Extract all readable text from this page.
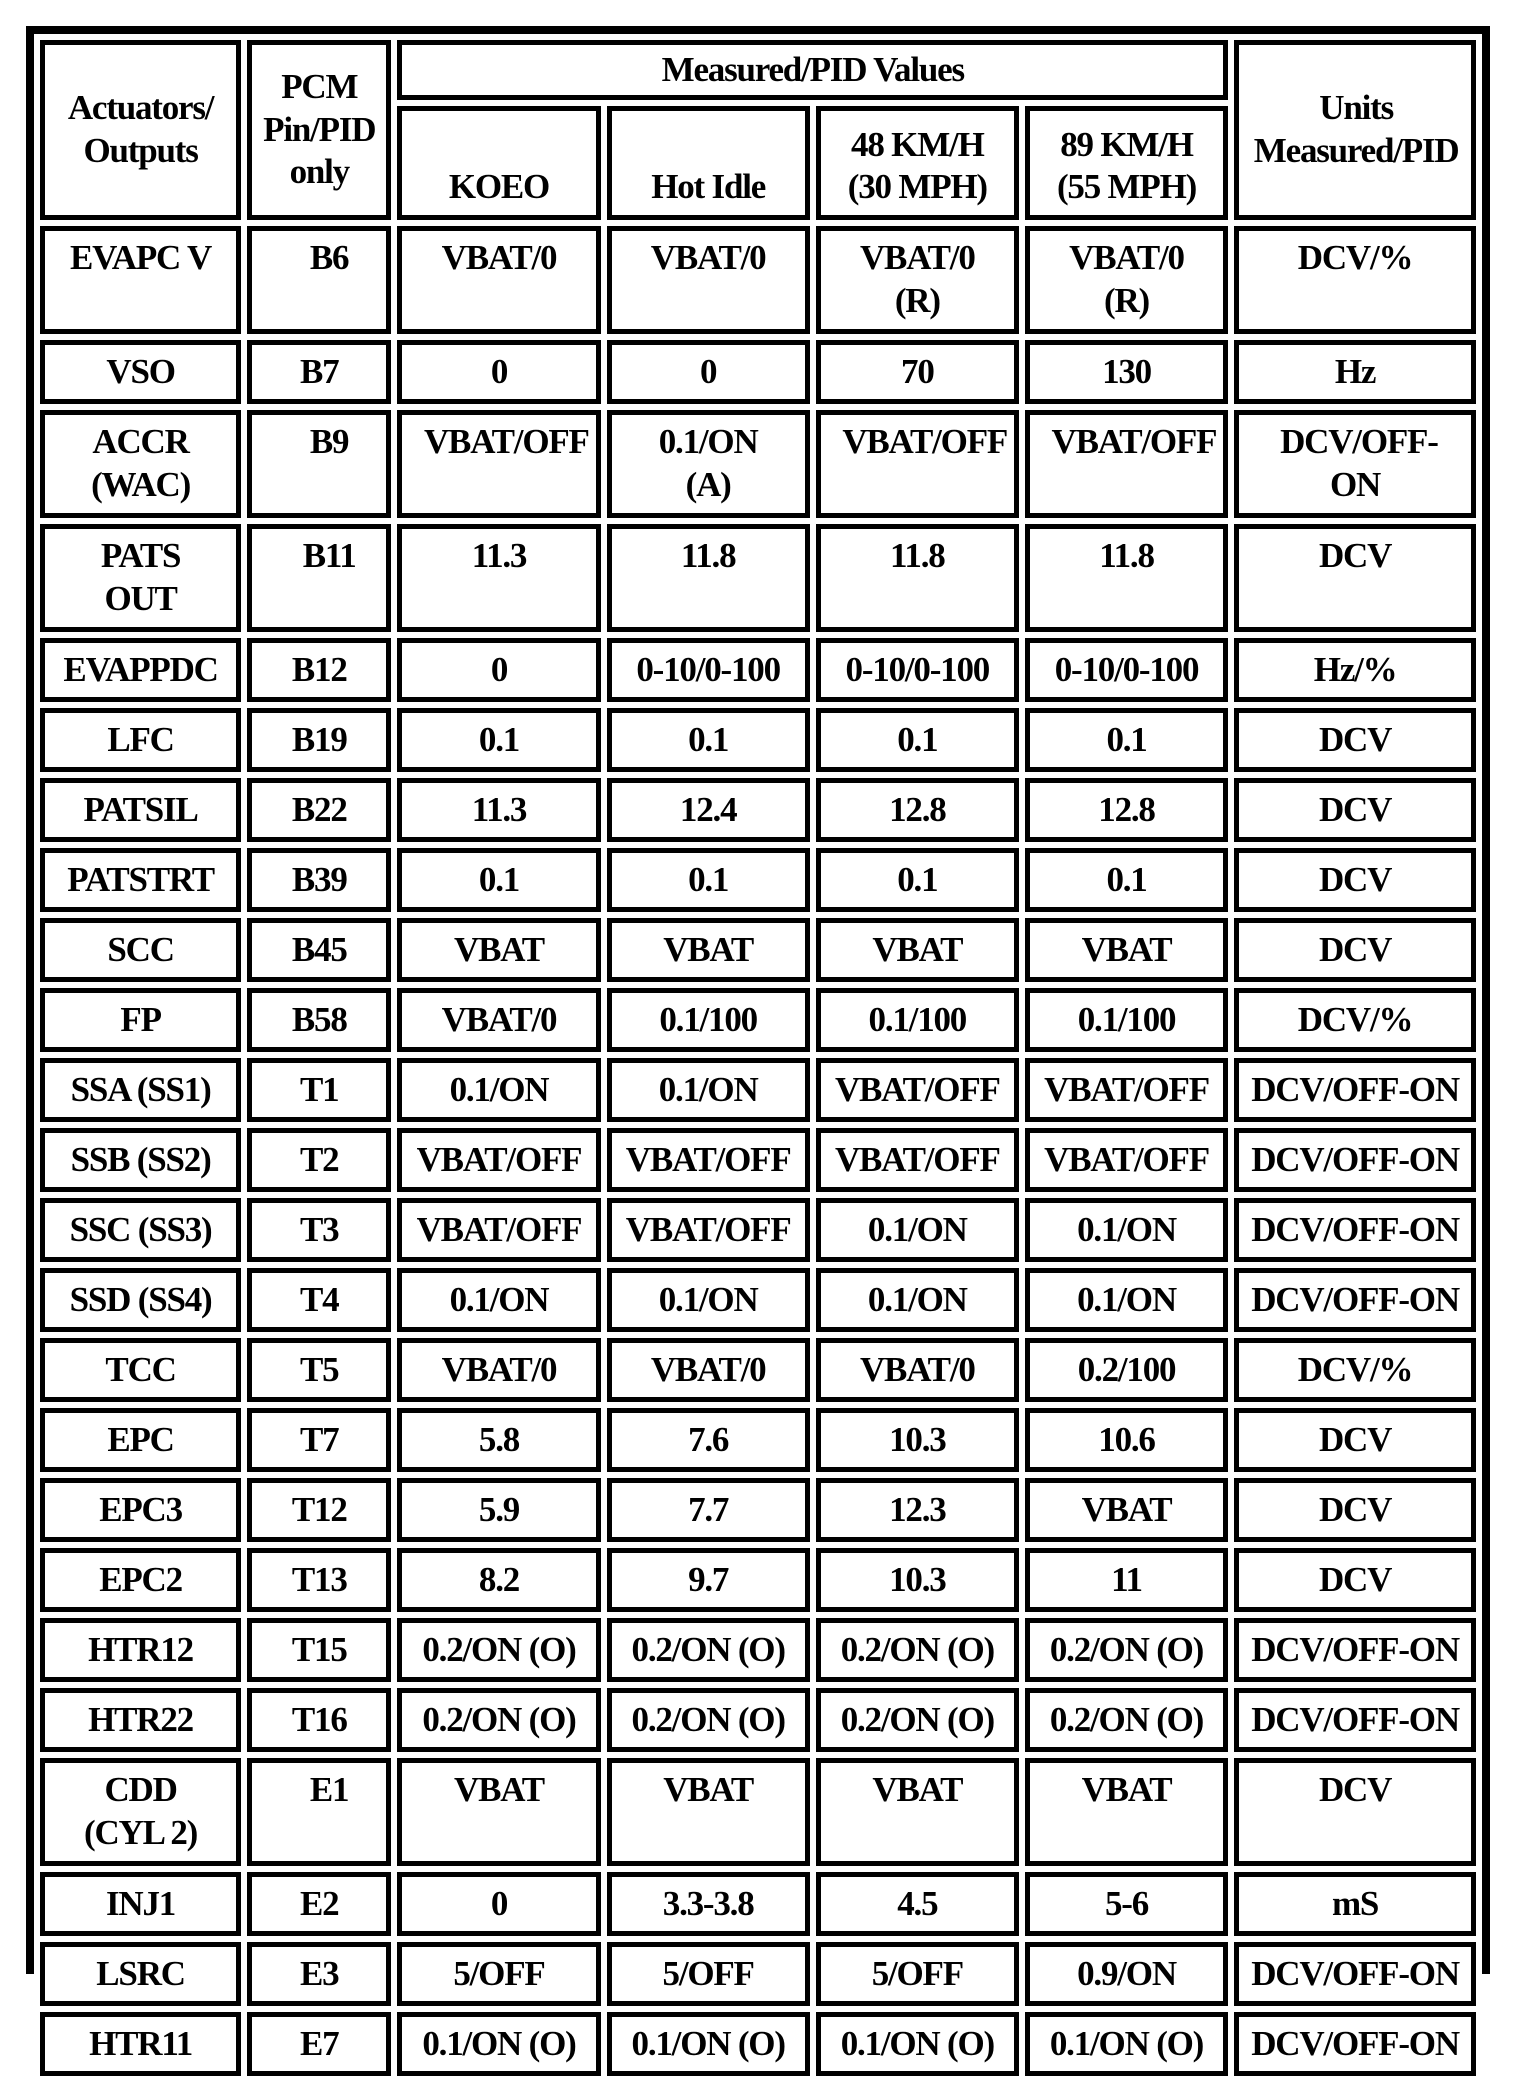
Actuators/ Outputs	PCM Pin/PID only	Measured/PID Values				Units Measured/PID
		KOEO	Hot Idle	48 KM/H (30 MPH)	89 KM/H (55 MPH)	
EVAPC V	B6	VBAT/0	VBAT/0	VBAT/0 (R)	VBAT/0 (R)	DCV/%
VSO	B7	0	0	70	130	Hz
ACCR (WAC)	B9	VBAT/OFF	0.1/ON (A)	VBAT/OFF	VBAT/OFF	DCV/OFF-ON
PATS OUT	B11	11.3	11.8	11.8	11.8	DCV
EVAPPDC	B12	0	0-10/0-100	0-10/0-100	0-10/0-100	Hz/%
LFC	B19	0.1	0.1	0.1	0.1	DCV
PATSIL	B22	11.3	12.4	12.8	12.8	DCV
PATSTRT	B39	0.1	0.1	0.1	0.1	DCV
SCC	B45	VBAT	VBAT	VBAT	VBAT	DCV
FP	B58	VBAT/0	0.1/100	0.1/100	0.1/100	DCV/%
SSA (SS1)	T1	0.1/ON	0.1/ON	VBAT/OFF	VBAT/OFF	DCV/OFF-ON
SSB (SS2)	T2	VBAT/OFF	VBAT/OFF	VBAT/OFF	VBAT/OFF	DCV/OFF-ON
SSC (SS3)	T3	VBAT/OFF	VBAT/OFF	0.1/ON	0.1/ON	DCV/OFF-ON
SSD (SS4)	T4	0.1/ON	0.1/ON	0.1/ON	0.1/ON	DCV/OFF-ON
TCC	T5	VBAT/0	VBAT/0	VBAT/0	0.2/100	DCV/%
EPC	T7	5.8	7.6	10.3	10.6	DCV
EPC3	T12	5.9	7.7	12.3	VBAT	DCV
EPC2	T13	8.2	9.7	10.3	11	DCV
HTR12	T15	0.2/ON (O)	0.2/ON (O)	0.2/ON (O)	0.2/ON (O)	DCV/OFF-ON
HTR22	T16	0.2/ON (O)	0.2/ON (O)	0.2/ON (O)	0.2/ON (O)	DCV/OFF-ON
CDD (CYL 2)	E1	VBAT	VBAT	VBAT	VBAT	DCV
INJ1	E2	0	3.3-3.8	4.5	5-6	mS
LSRC	E3	5/OFF	5/OFF	5/OFF	0.9/ON	DCV/OFF-ON
HTR11	E7	0.1/ON (O)	0.1/ON (O)	0.1/ON (O)	0.1/ON (O)	DCV/OFF-ON
